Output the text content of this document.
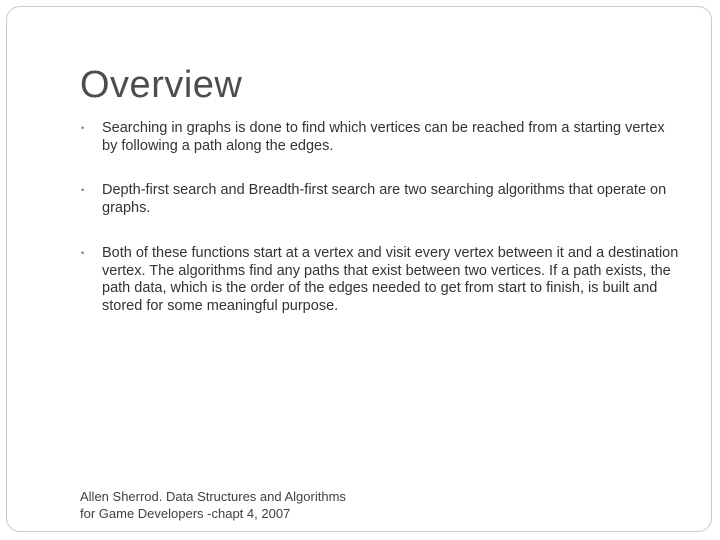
Overview
• Searching in graphs is done to find which vertices can be reached from a starting vertex by following a path along the edges.
• Depth-first search and Breadth-first search are two searching algorithms that operate on graphs.
• Both of these functions start at a vertex and visit every vertex between it and a destination vertex. The algorithms find any paths that exist between two vertices. If a path exists, the path data, which is the order of the edges needed to get from start to finish, is built and stored for some meaningful purpose.
Allen Sherrod. Data Structures and Algorithms
for Game Developers -chapt 4, 2007
